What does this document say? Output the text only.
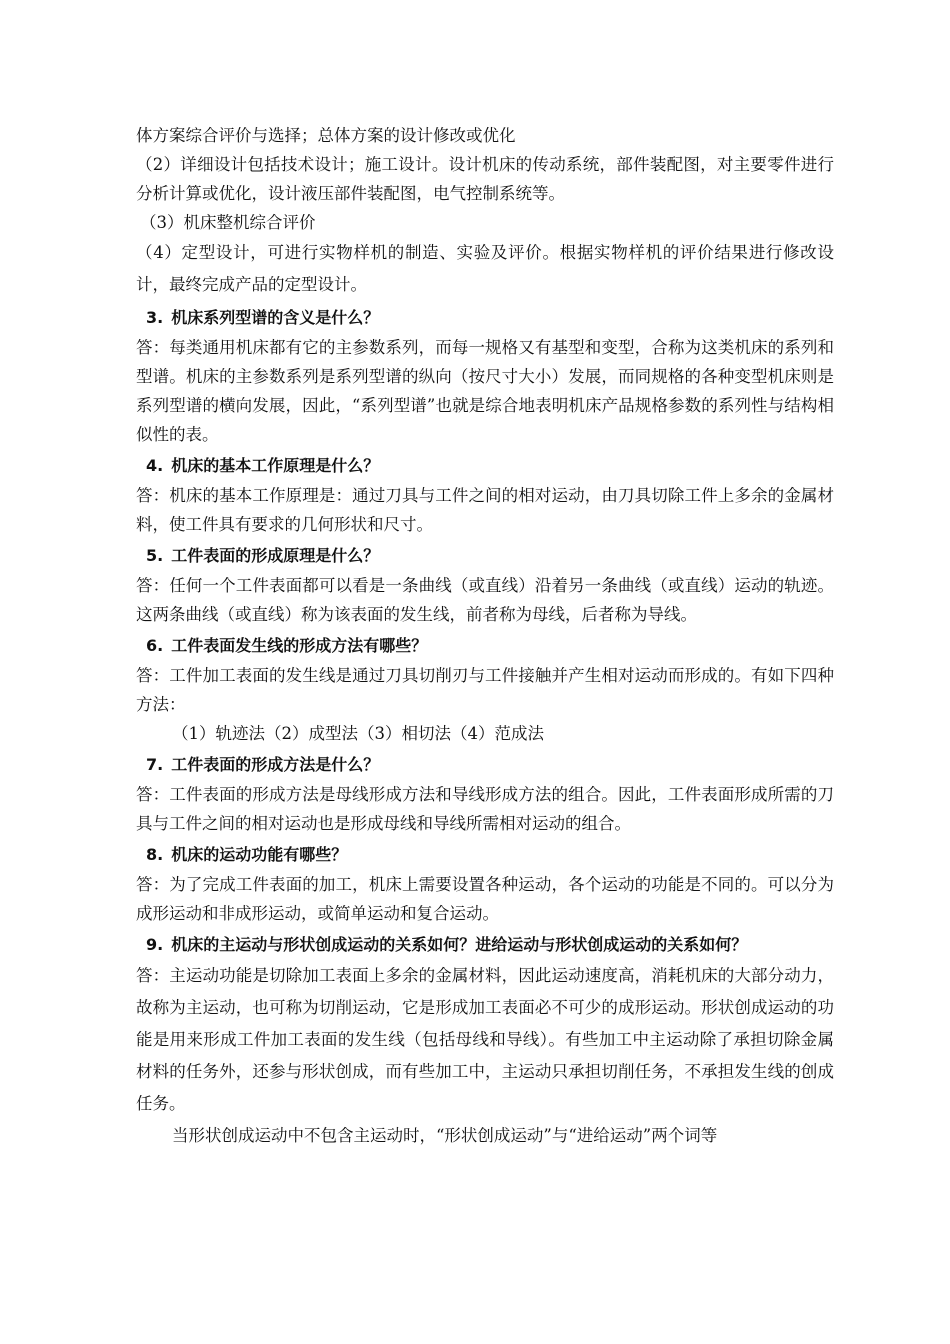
体方案综合评价与选择；总体方案的设计修改或优化

（2）详细设计包括技术设计；施工设计。设计机床的传动系统，部件装配图，对主要零件进行分析计算或优化，设计液压部件装配图，电气控制系统等。

（3）机床整机综合评价

（4）定型设计，可进行实物样机的制造、实验及评价。根据实物样机的评价结果进行修改设计，最终完成产品的定型设计。

3. 机床系列型谱的含义是什么？

答：每类通用机床都有它的主参数系列，而每一规格又有基型和变型，合称为这类机床的系列和型谱。机床的主参数系列是系列型谱的纵向（按尺寸大小）发展，而同规格的各种变型机床则是系列型谱的横向发展，因此，“系列型谱”也就是综合地表明机床产品规格参数的系列性与结构相似性的表。

4. 机床的基本工作原理是什么？

答：机床的基本工作原理是：通过刀具与工件之间的相对运动，由刀具切除工件上多余的金属材料，使工件具有要求的几何形状和尺寸。

5. 工件表面的形成原理是什么？

答：任何一个工件表面都可以看是一条曲线（或直线）沿着另一条曲线（或直线）运动的轨迹。这两条曲线（或直线）称为该表面的发生线，前者称为母线，后者称为导线。

6. 工件表面发生线的形成方法有哪些？

答：工件加工表面的发生线是通过刀具切削刃与工件接触并产生相对运动而形成的。有如下四种方法：

（1）轨迹法（2）成型法（3）相切法（4）范成法

7. 工件表面的形成方法是什么？

答：工件表面的形成方法是母线形成方法和导线形成方法的组合。因此，工件表面形成所需的刀具与工件之间的相对运动也是形成母线和导线所需相对运动的组合。

8. 机床的运动功能有哪些？

答：为了完成工件表面的加工，机床上需要设置各种运动，各个运动的功能是不同的。可以分为成形运动和非成形运动，或简单运动和复合运动。

9. 机床的主运动与形状创成运动的关系如何？进给运动与形状创成运动的关系如何？

答：主运动功能是切除加工表面上多余的金属材料，因此运动速度高，消耗机床的大部分动力，故称为主运动，也可称为切削运动，它是形成加工表面必不可少的成形运动。形状创成运动的功能是用来形成工件加工表面的发生线（包括母线和导线）。有些加工中主运动除了承担切除金属材料的任务外，还参与形状创成，而有些加工中，主运动只承担切削任务，不承担发生线的创成任务。

当形状创成运动中不包含主运动时，“形状创成运动”与“进给运动”两个词等
